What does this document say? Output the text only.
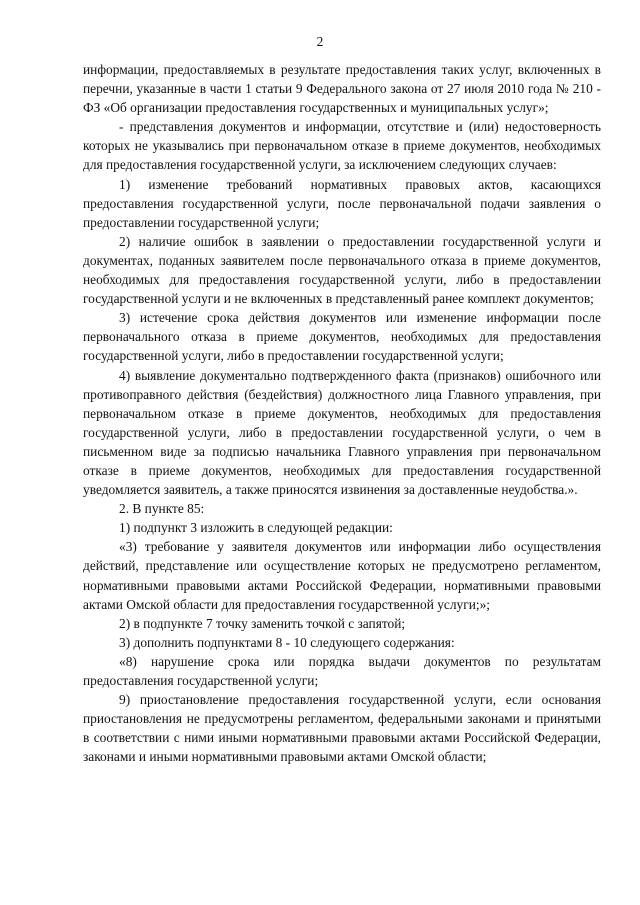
2

информации, предоставляемых в результате предоставления таких услуг, включенных в перечни, указанные в части 1 статьи 9 Федерального закона от 27 июля 2010 года № 210 - ФЗ «Об организации предоставления государственных и муниципальных услуг»;

- представления документов и информации, отсутствие и (или) недостоверность которых не указывались при первоначальном отказе в приеме документов, необходимых для предоставления государственной услуги, за исключением следующих случаев:

1) изменение требований нормативных правовых актов, касающихся предоставления государственной услуги, после первоначальной подачи заявления о предоставлении государственной услуги;

2) наличие ошибок в заявлении о предоставлении государственной услуги и документах, поданных заявителем после первоначального отказа в приеме документов, необходимых для предоставления государственной услуги, либо в предоставлении государственной услуги и не включенных в представленный ранее комплект документов;

3) истечение срока действия документов или изменение информации после первоначального отказа в приеме документов, необходимых для предоставления государственной услуги, либо в предоставлении государственной услуги;

4) выявление документально подтвержденного факта (признаков) ошибочного или противоправного действия (бездействия) должностного лица Главного управления, при первоначальном отказе в приеме документов, необходимых для предоставления государственной услуги, либо в предоставлении государственной услуги, о чем в письменном виде за подписью начальника Главного управления при первоначальном отказе в приеме документов, необходимых для предоставления государственной уведомляется заявитель, а также приносятся извинения за доставленные неудобства.».

2. В пункте 85:

1) подпункт 3 изложить в следующей редакции:

«3) требование у заявителя документов или информации либо осуществления действий, представление или осуществление которых не предусмотрено регламентом, нормативными правовыми актами Российской Федерации, нормативными правовыми актами Омской области для предоставления государственной услуги;»;

2) в подпункте 7 точку заменить точкой с запятой;

3) дополнить подпунктами 8 - 10 следующего содержания:

«8) нарушение срока или порядка выдачи документов по результатам предоставления государственной услуги;

9) приостановление предоставления государственной услуги, если основания приостановления не предусмотрены регламентом, федеральными законами и принятыми в соответствии с ними иными нормативными правовыми актами Российской Федерации, законами и иными нормативными правовыми актами Омской области;
